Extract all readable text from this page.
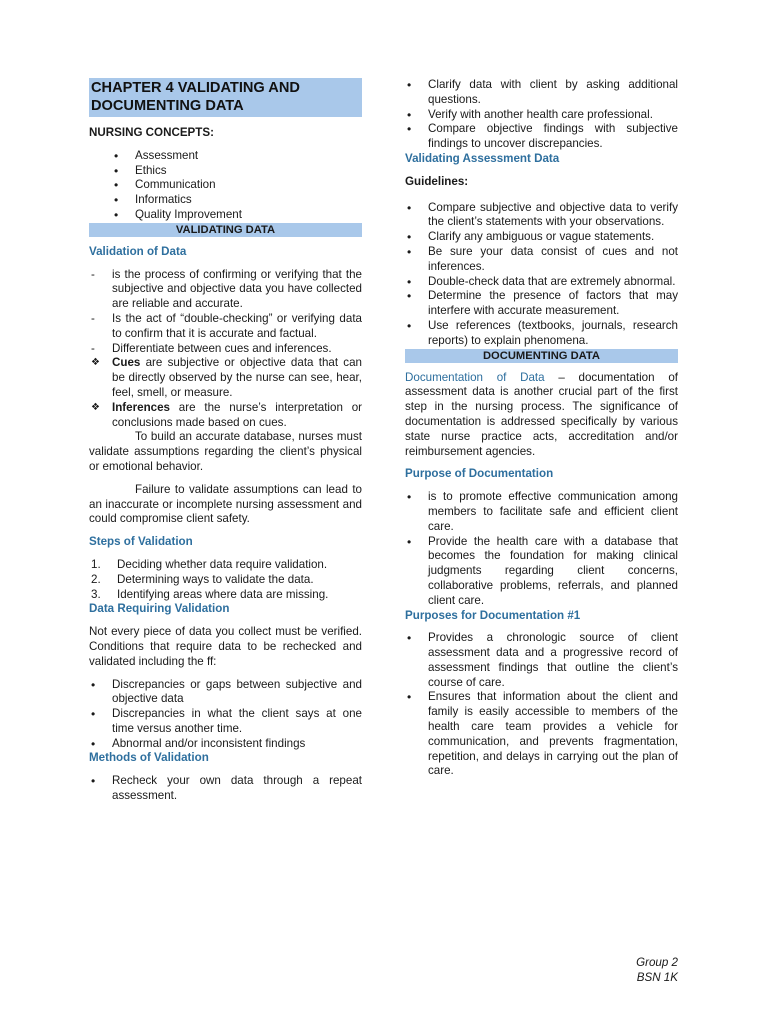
CHAPTER 4 VALIDATING AND DOCUMENTING DATA
NURSING CONCEPTS:
• Assessment
• Ethics
• Communication
• Informatics
• Quality Improvement
VALIDATING DATA
Validation of Data
- is the process of confirming or verifying that the subjective and objective data you have collected are reliable and accurate.
- Is the act of “double-checking” or verifying data to confirm that it is accurate and factual.
- Differentiate between cues and inferences.
❖ Cues are subjective or objective data that can be directly observed by the nurse can see, hear, feel, smell, or measure.
❖ Inferences are the nurse’s interpretation or conclusions made based on cues.

To build an accurate database, nurses must validate assumptions regarding the client’s physical or emotional behavior.

Failure to validate assumptions can lead to an inaccurate or incomplete nursing assessment and could compromise client safety.

Steps of Validation
1. Deciding whether data require validation.
2. Determining ways to validate the data.
3. Identifying areas where data are missing.
Data Requiring Validation

Not every piece of data you collect must be verified. Conditions that require data to be rechecked and validated including the ff:

• Discrepancies or gaps between subjective and objective data
• Discrepancies in what the client says at one time versus another time.
• Abnormal and/or inconsistent findings
Methods of Validation
• Recheck your own data through a repeat assessment.
• Clarify data with client by asking additional questions.
• Verify with another health care professional.
• Compare objective findings with subjective findings to uncover discrepancies.
Validating Assessment Data
Guidelines:
• Compare subjective and objective data to verify the client’s statements with your observations.
• Clarify any ambiguous or vague statements.
• Be sure your data consist of cues and not inferences.
• Double-check data that are extremely abnormal.
• Determine the presence of factors that may interfere with accurate measurement.
• Use references (textbooks, journals, research reports) to explain phenomena.
DOCUMENTING DATA

Documentation of Data – documentation of assessment data is another crucial part of the first step in the nursing process. The significance of documentation is addressed specifically by various state nurse practice acts, accreditation and/or reimbursement agencies.

Purpose of Documentation
• is to promote effective communication among members to facilitate safe and efficient client care.
• Provide the health care with a database that becomes the foundation for making clinical judgments regarding client concerns, collaborative problems, referrals, and planned client care.
Purposes for Documentation #1
• Provides a chronologic source of client assessment data and a progressive record of assessment findings that outline the client’s course of care.
• Ensures that information about the client and family is easily accessible to members of the health care team provides a vehicle for communication, and prevents fragmentation, repetition, and delays in carrying out the plan of care.
Group 2
BSN 1K
